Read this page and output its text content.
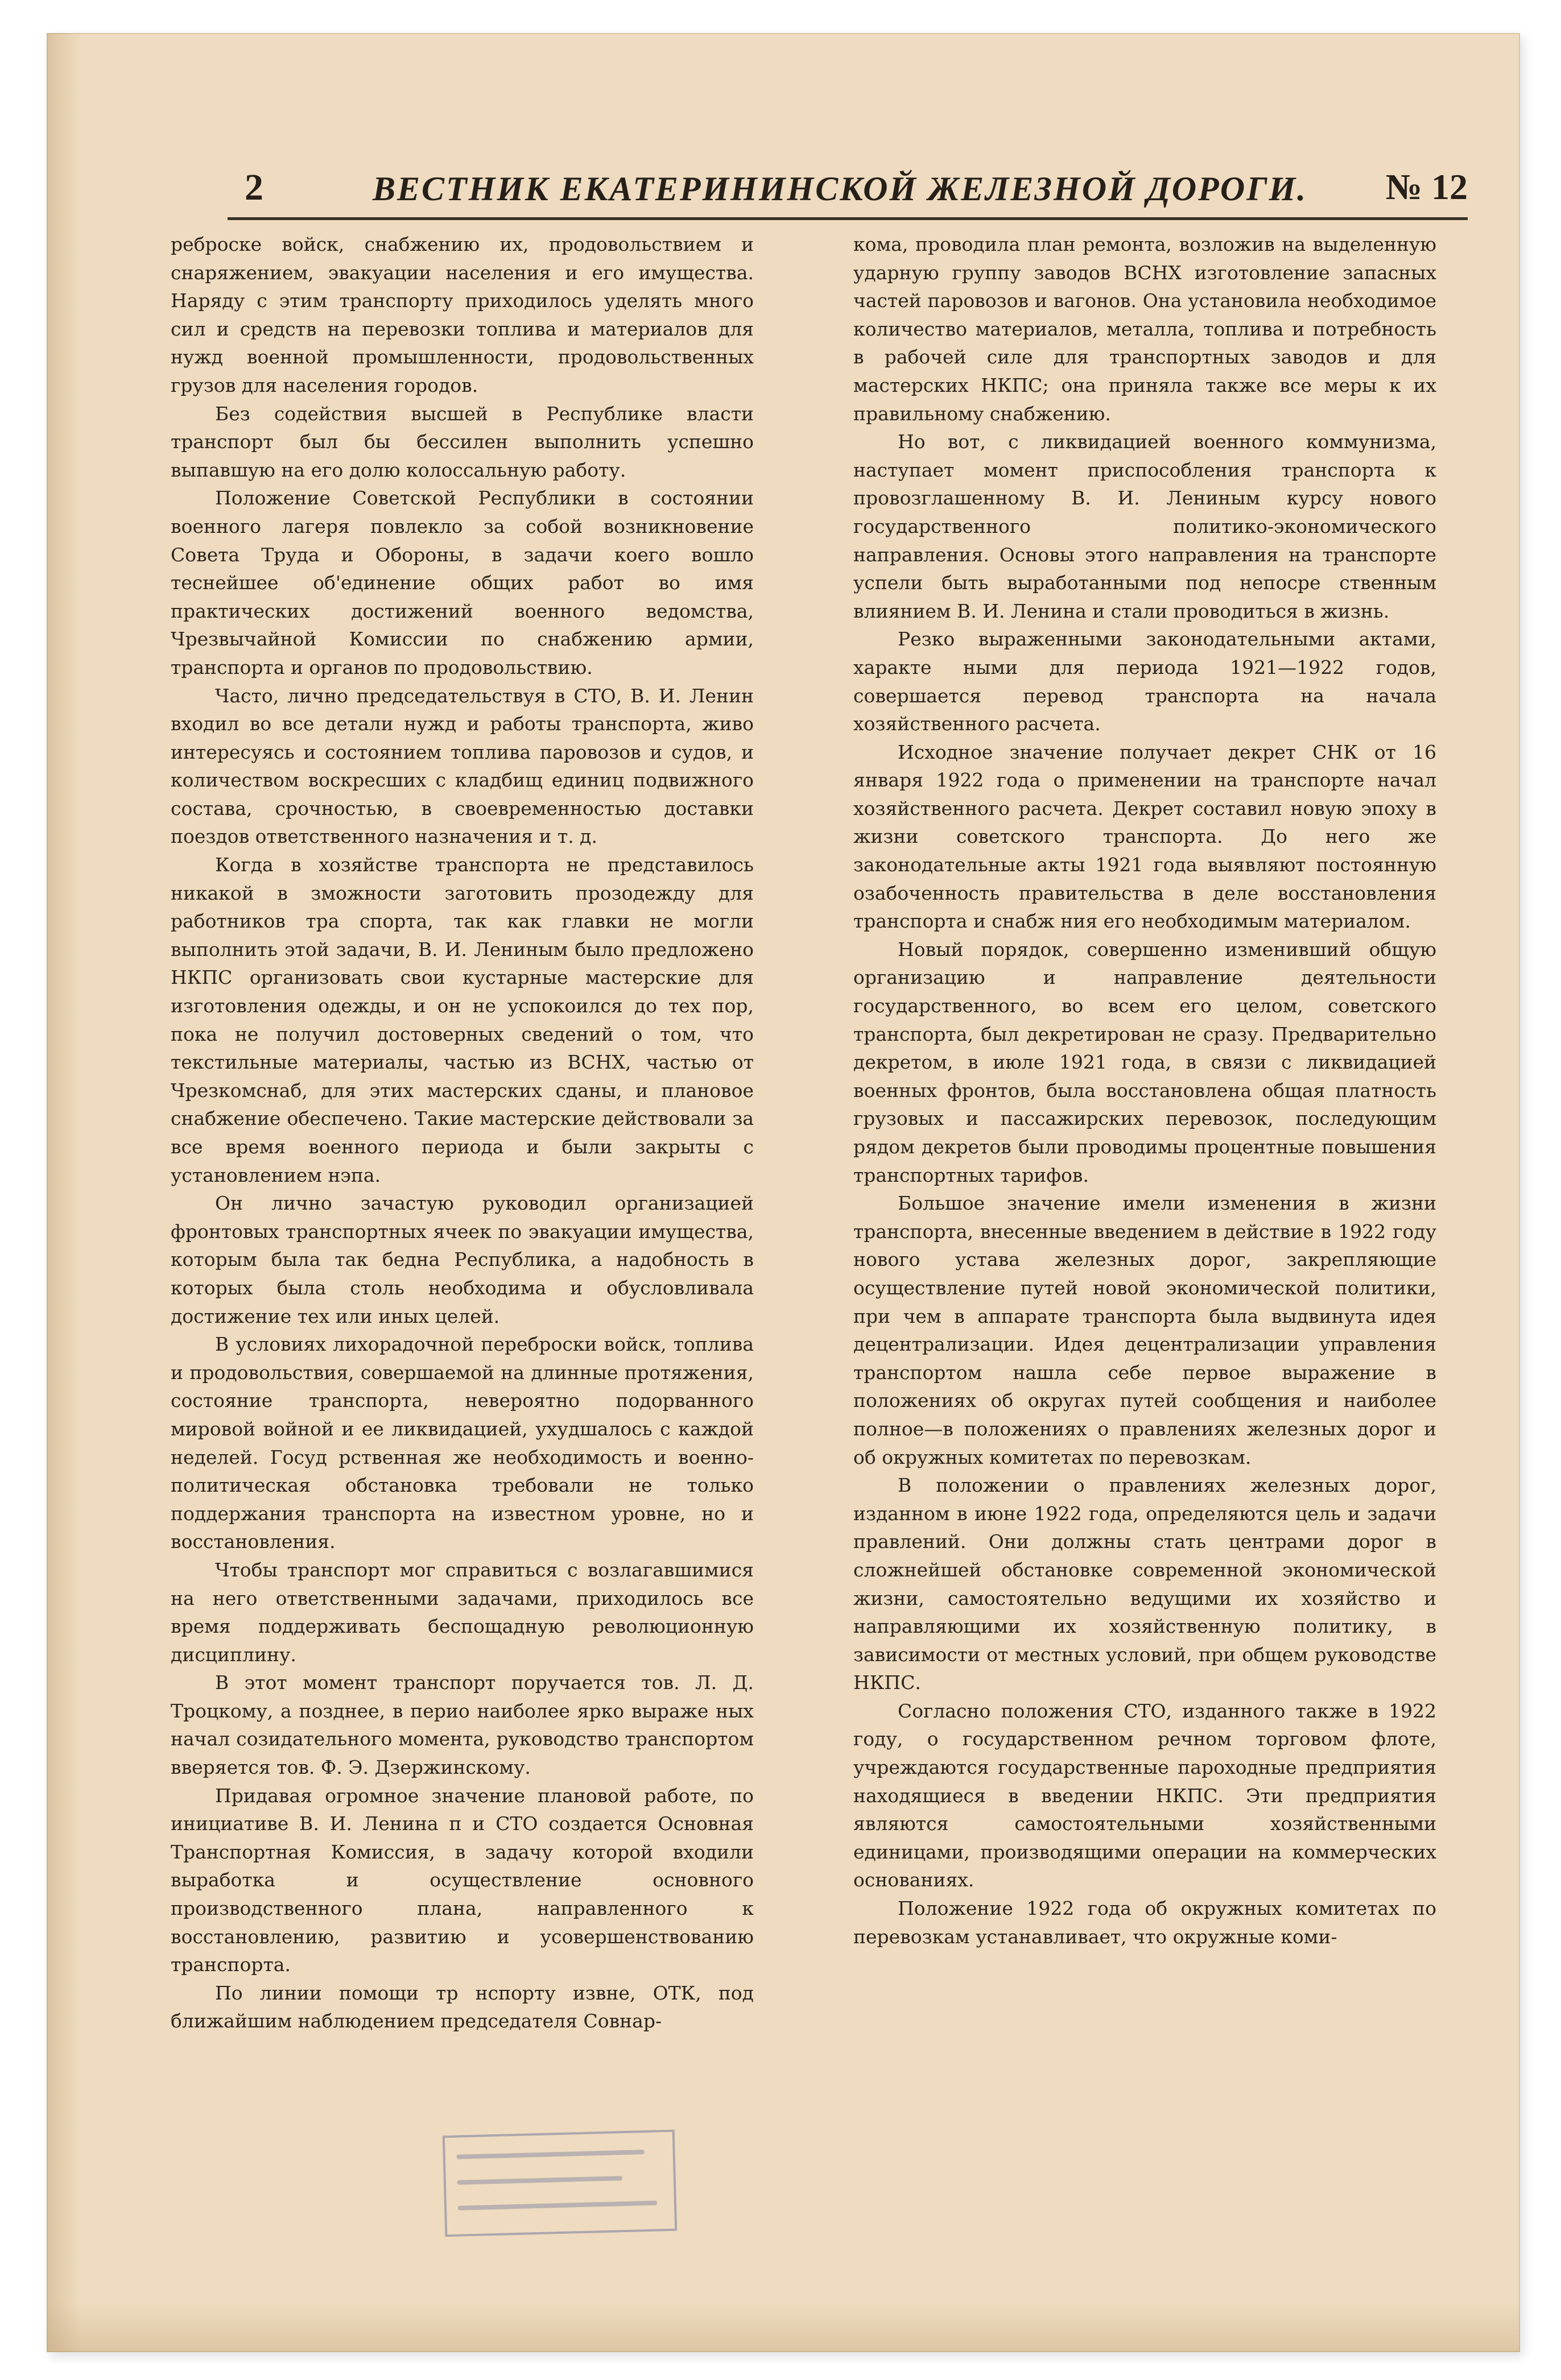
2	ВЕСТНИК ЕКАТЕРИНИНСКОЙ ЖЕЛЕЗНОЙ ДОРОГИ. № 12

реброске войск, снабжению их, продовольствием и снаряжением, эвакуации населения и его имущества. Наряду с этим транспорту приходилось уделять много сил и средств на перевозки топлива и материалов для нужд военной промышленности, продовольственных грузов для населения городов.

Без содействия высшей в Республике власти транспорт был бы бессилен выполнить успешно выпавшую на его долю колоссальную работу.

Положение Советской Республики в состоянии военного лагеря повлекло за собой возникновение Совета Труда и Обороны, в задачи коего вошло теснейшее об'единение общих работ во имя практических достижений военного ведомства, Чрезвычайной Комиссии по снабжению армии, транспорта и органов по продовольствию.

Часто, лично председательствуя в СТО, В. И. Ленин входил во все детали нужд и работы транспорта, живо интересуясь и состоянием топлива паровозов и судов, и количеством воскресших с кладбищ единиц подвижного состава, срочностью, в своевременностью доставки поездов ответственного назначения и т. д.

Когда в хозяйстве транспорта не представилось никакой в зможности заготовить прозодежду для работников тра спорта, так как главки не могли выполнить этой задачи, В. И. Лениным было предложено НКПС организовать свои кустарные мастерские для изготовления одежды, и он не успокоился до тех пор, пока не получил достоверных сведений о том, что текстильные материалы, частью из ВСНХ, частью от Чрезкомснаб, для этих мастерских сданы, и плановое снабжение обеспечено. Такие мастерские действовали за все время военного периода и были закрыты с установлением нэпа.

Он лично зачастую руководил организацией фронтовых транспортных ячеек по эвакуации имущества, которым была так бедна Республика, а надобность в которых была столь необходима и обусловливала достижение тех или иных целей.

В условиях лихорадочной переброски войск, топлива и продовольствия, совершаемой на длинные протяжения, состояние транспорта, невероятно подорванного мировой войной и ее ликвидацией, ухудшалось с каждой неделей. Госуд рственная же необходимость и военно-политическая обстановка требовали не только поддержания транспорта на известном уровне, но и восстановления.

Чтобы транспорт мог справиться с возлагавшимися на него ответственными задачами, приходилось все время поддерживать беспощадную революционную дисциплину.

В этот момент транспорт поручается тов. Л. Д. Троцкому, а позднее, в перио наиболее ярко выраже ных начал созидательного момента, руководство транспортом вверяется тов. Ф. Э. Дзержинскому.

Придавая огромное значение плановой работе, по инициативе В. И. Ленина п и СТО создается Основная Транспортная Комиссия, в задачу которой входили выработка и осуществление основного производственного плана, направленного к восстановлению, развитию и усовершенствованию транспорта.

По линии помощи тр нспорту извне, ОТК, под ближайшим наблюдением председателя Совнар-

кома, проводила план ремонта, возложив на выделенную ударную группу заводов ВСНХ изготовление запасных частей паровозов и вагонов. Она установила необходимое количество материалов, металла, топлива и потребность в рабочей силе для транспортных заводов и для мастерских НКПС; она приняла также все меры к их правильному снабжению.

Но вот, с ликвидацией военного коммунизма, наступает момент приспособления транспорта к провозглашенному В. И. Лениным курсу нового государственного политико-экономического направления. Основы этого направления на транспорте успели быть выработанными под непосре ственным влиянием В. И. Ленина и стали проводиться в жизнь.

Резко выраженными законодательными актами, характе ными для периода 1921—1922 годов, совершается перевод транспорта на начала хозяйственного расчета.

Исходное значение получает декрет СНК от 16 января 1922 года о применении на транспорте начал хозяйственного расчета. Декрет составил новую эпоху в жизни советского транспорта. До него же законодательные акты 1921 года выявляют постоянную озабоченность правительства в деле восстановления транспорта и снабж ния его необходимым материалом.

Новый порядок, совершенно изменивший общую организацию и направление деятельности государственного, во всем его целом, советского транспорта, был декретирован не сразу. Предварительно декретом, в июле 1921 года, в связи с ликвидацией военных фронтов, была восстановлена общая платность грузовых и пассажирских перевозок, последующим рядом декретов были проводимы процентные повышения транспортных тарифов.

Большое значение имели изменения в жизни транспорта, внесенные введением в действие в 1922 году нового устава железных дорог, закрепляющие осуществление путей новой экономической политики, при чем в аппарате транспорта была выдвинута идея децентрализации. Идея децентрализации управления транспортом нашла себе первое выражение в положениях об округах путей сообщения и наиболее полное—в положениях о правлениях железных дорог и об окружных комитетах по перевозкам.

В положении о правлениях железных дорог, изданном в июне 1922 года, определяются цель и задачи правлений. Они должны стать центрами дорог в сложнейшей обстановке современной экономической жизни, самостоятельно ведущими их хозяйство и направляющими их хозяйственную политику, в зависимости от местных условий, при общем руководстве НКПС.

Согласно положения СТО, изданного также в 1922 году, о государственном речном торговом флоте, учреждаются государственные пароходные предприятия находящиеся в введении НКПС. Эти предприятия являются самостоятельными хозяйственными единицами, производящими операции на коммерческих основаниях.

Положение 1922 года об окружных комитетах по перевозкам устанавливает, что окружные коми-
